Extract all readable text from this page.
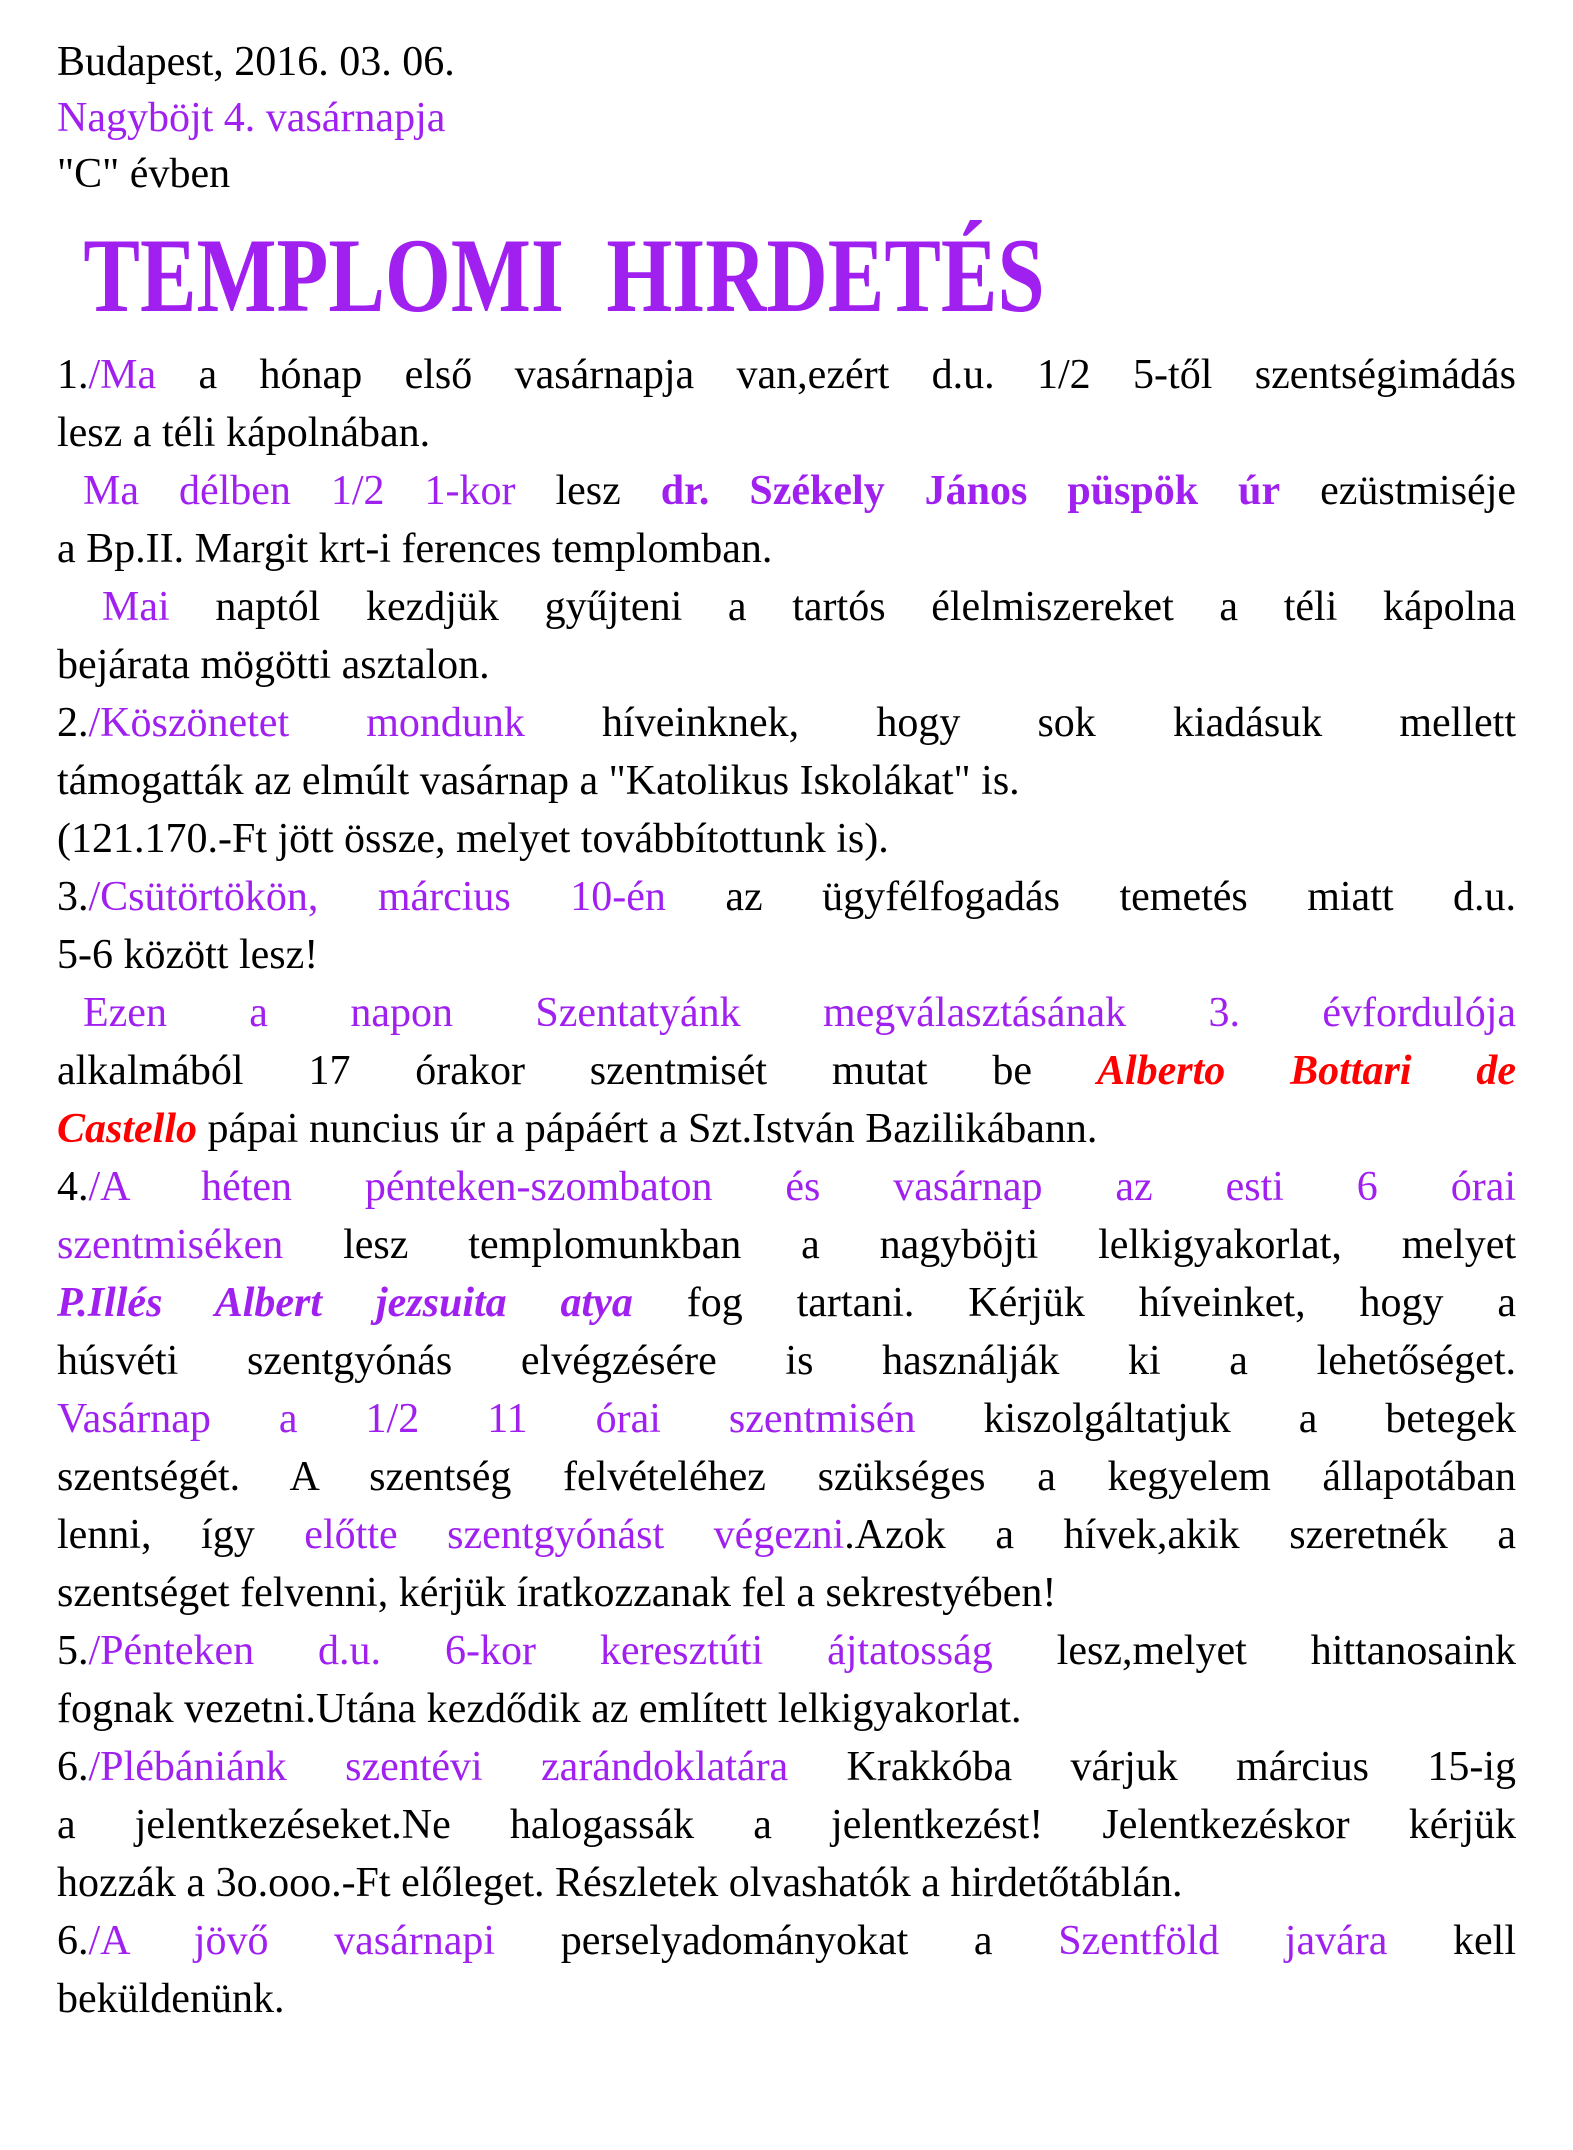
Budapest, 2016. 03. 06.
Nagyböjt 4. vasárnapja
"C" évben
TEMPLOMI  HIRDETÉS
1./Ma a hónap első vasárnapja van,ezért d.u. 1/2 5-től szentségimádás
lesz a téli kápolnában.
Ma délben 1/2 1-kor lesz dr. Székely János püspök úr ezüstmiséje
a Bp.II. Margit krt-i ferences templomban.
Mai naptól kezdjük gyűjteni a tartós élelmiszereket a téli kápolna
bejárata mögötti asztalon.
2./Köszönetet mondunk híveinknek, hogy sok kiadásuk mellett
támogatták az elmúlt vasárnap a "Katolikus Iskolákat" is.
(121.170.-Ft jött össze, melyet továbbítottunk is).
3./Csütörtökön, március 10-én az ügyfélfogadás temetés miatt d.u.
5-6 között lesz!
Ezen a napon Szentatyánk megválasztásának 3. évfordulója
alkalmából 17 órakor szentmisét mutat be Alberto Bottari de
Castello pápai nuncius úr a pápáért a Szt.István Bazilikábann.
4./A héten pénteken-szombaton és vasárnap az esti 6 órai
szentmiséken lesz templomunkban a nagyböjti lelkigyakorlat, melyet
P.Illés Albert jezsuita atya fog tartani. Kérjük híveinket, hogy a
húsvéti szentgyónás elvégzésére is használják ki a lehetőséget.
Vasárnap a 1/2 11 órai szentmisén kiszolgáltatjuk a betegek
szentségét. A szentség felvételéhez szükséges a kegyelem állapotában
lenni, így előtte szentgyónást végezni.Azok a hívek,akik szeretnék a
szentséget felvenni, kérjük íratkozzanak fel a sekrestyében!
5./Pénteken d.u. 6-kor keresztúti ájtatosság lesz,melyet hittanosaink
fognak vezetni.Utána kezdődik az említett lelkigyakorlat.
6./Plébániánk szentévi zarándoklatára Krakkóba várjuk március 15-ig
a jelentkezéseket.Ne halogassák a jelentkezést! Jelentkezéskor kérjük
hozzák a 3o.ooo.-Ft előleget. Részletek olvashatók a hirdetőtáblán.
6./A jövő vasárnapi perselyadományokat a Szentföld javára kell
beküldenünk.
